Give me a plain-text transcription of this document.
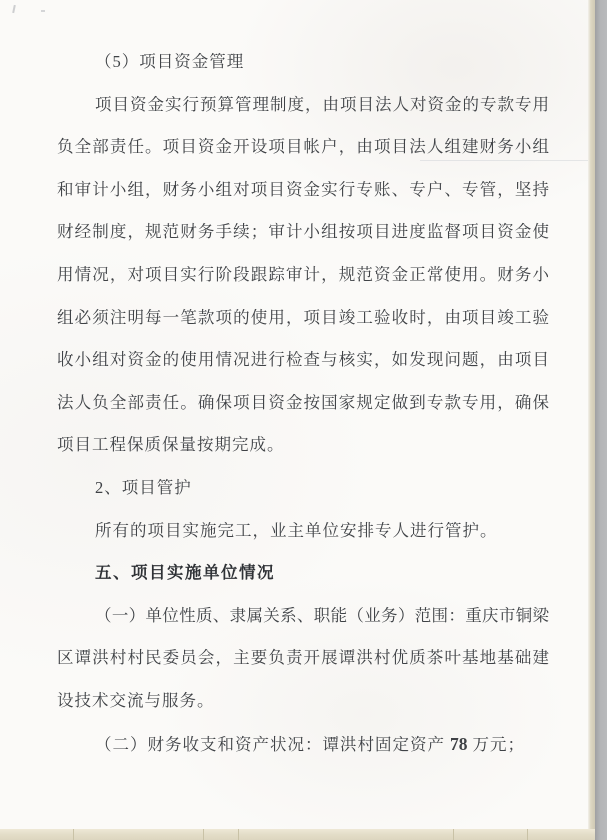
（5）项目资金管理
项目资金实行预算管理制度，由项目法人对资金的专款专用
负全部责任。项目资金开设项目帐户，由项目法人组建财务小组
和审计小组，财务小组对项目资金实行专账、专户、专管，坚持
财经制度，规范财务手续；审计小组按项目进度监督项目资金使
用情况，对项目实行阶段跟踪审计，规范资金正常使用。财务小
组必须注明每一笔款项的使用，项目竣工验收时，由项目竣工验
收小组对资金的使用情况进行检查与核实，如发现问题，由项目
法人负全部责任。确保项目资金按国家规定做到专款专用，确保
项目工程保质保量按期完成。
2、项目管护
所有的项目实施完工，业主单位安排专人进行管护。
五、项目实施单位情况
（一）单位性质、隶属关系、职能（业务）范围：重庆市铜梁
区谭洪村村民委员会，主要负责开展谭洪村优质茶叶基地基础建
设技术交流与服务。
（二）财务收支和资产状况：谭洪村固定资产 78 万元；
